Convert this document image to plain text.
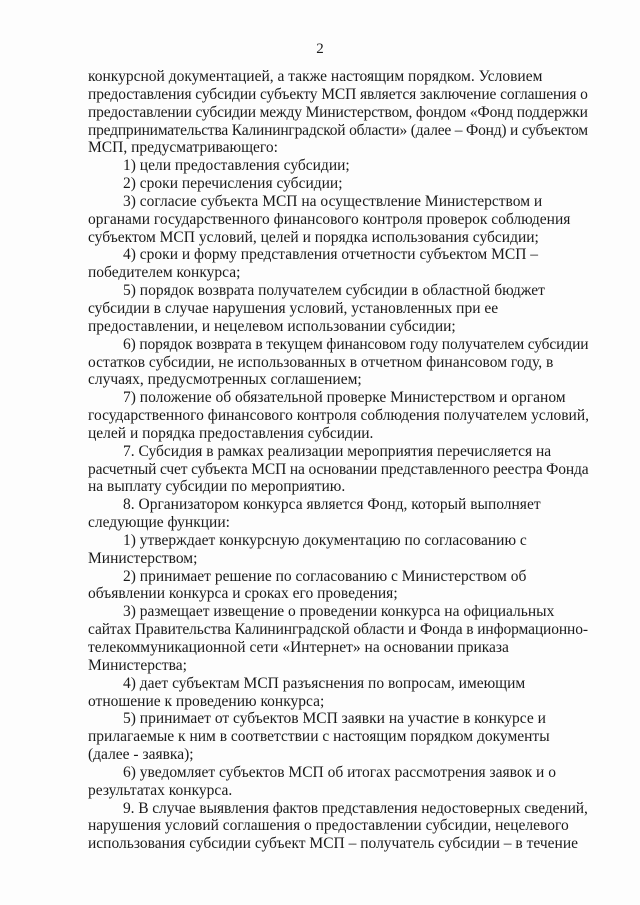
2
конкурсной документацией, а также настоящим порядком. Условием
предоставления субсидии субъекту МСП является заключение соглашения о
предоставлении субсидии между Министерством, фондом «Фонд поддержки
предпринимательства Калининградской области» (далее – Фонд) и субъектом
МСП, предусматривающего:
1) цели предоставления субсидии;
2) сроки перечисления субсидии;
3) согласие субъекта МСП на осуществление Министерством и
органами государственного финансового контроля проверок соблюдения
субъектом МСП условий, целей и порядка использования субсидии;
4) сроки и форму представления отчетности субъектом МСП –
победителем конкурса;
5) порядок возврата получателем субсидии в областной бюджет
субсидии в случае нарушения условий, установленных при ее
предоставлении, и нецелевом использовании субсидии;
6) порядок возврата в текущем финансовом году получателем субсидии
остатков субсидии, не использованных в отчетном финансовом году, в
случаях, предусмотренных соглашением;
7) положение об обязательной проверке Министерством и органом
государственного финансового контроля соблюдения получателем условий,
целей и порядка предоставления субсидии.
7. Субсидия в рамках реализации мероприятия перечисляется на
расчетный счет субъекта МСП на основании представленного реестра Фонда
на выплату субсидии по мероприятию.
8. Организатором конкурса является Фонд, который выполняет
следующие функции:
1) утверждает конкурсную документацию по согласованию с
Министерством;
2) принимает решение по согласованию с Министерством об
объявлении конкурса и сроках его проведения;
3) размещает извещение о проведении конкурса на официальных
сайтах Правительства Калининградской области и Фонда в информационно-
телекоммуникационной сети «Интернет» на основании приказа
Министерства;
4) дает субъектам МСП разъяснения по вопросам, имеющим
отношение к проведению конкурса;
5) принимает от субъектов МСП заявки на участие в конкурсе и
прилагаемые к ним в соответствии с настоящим порядком документы
(далее - заявка);
6) уведомляет субъектов МСП об итогах рассмотрения заявок и о
результатах конкурса.
9. В случае выявления фактов представления недостоверных сведений,
нарушения условий соглашения о предоставлении субсидии, нецелевого
использования субсидии субъект МСП – получатель субсидии – в течение
